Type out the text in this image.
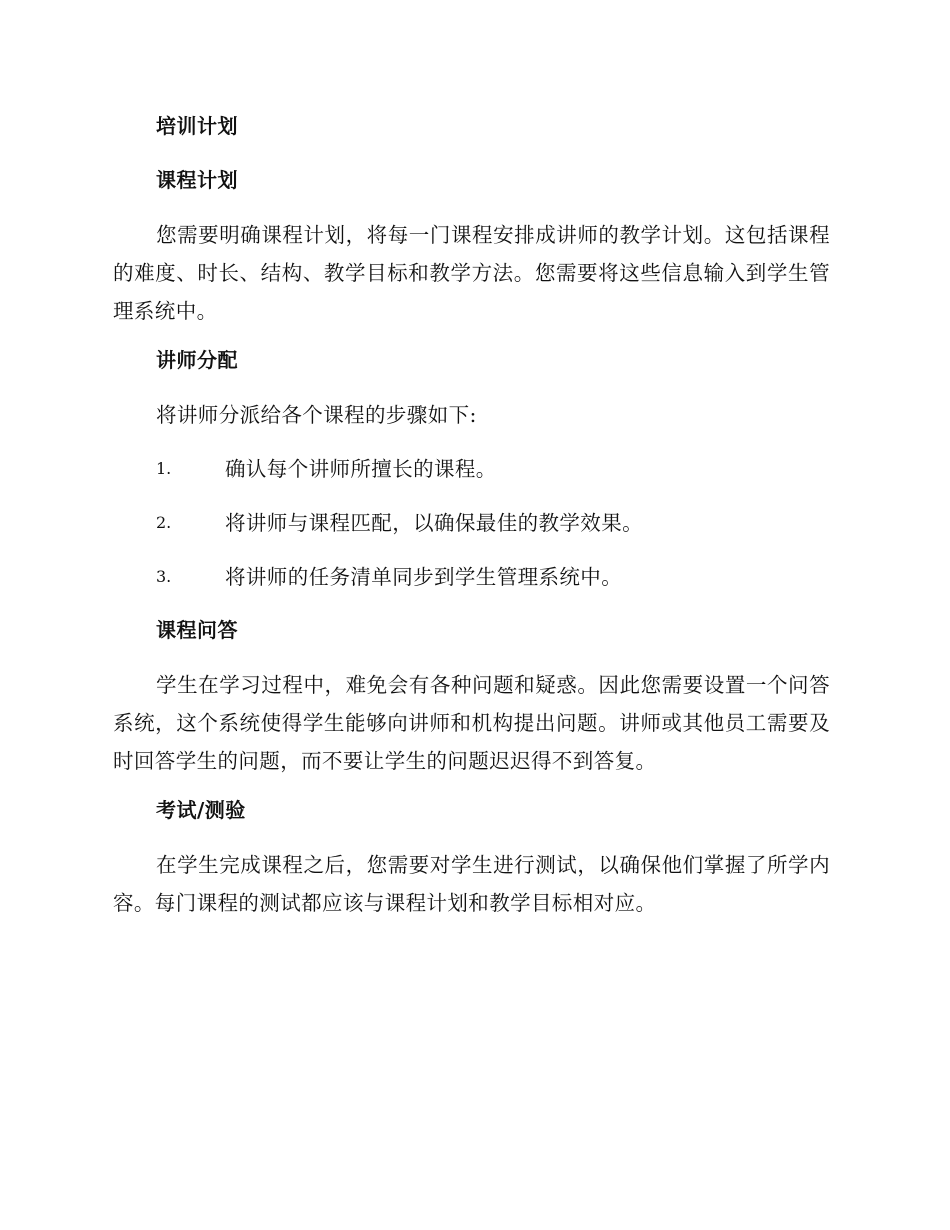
培训计划
课程计划

您需要明确课程计划，将每一门课程安排成讲师的教学计划。这包括课程的难度、时长、结构、教学目标和教学方法。您需要将这些信息输入到学生管理系统中。

讲师分配

将讲师分派给各个课程的步骤如下:

1.	确认每个讲师所擅长的课程。
2.	将讲师与课程匹配，以确保最佳的教学效果。
3.	将讲师的任务清单同步到学生管理系统中。
课程问答

学生在学习过程中，难免会有各种问题和疑惑。因此您需要设置一个问答系统，这个系统使得学生能够向讲师和机构提出问题。讲师或其他员工需要及时回答学生的问题，而不要让学生的问题迟迟得不到答复。

考试/测验

在学生完成课程之后，您需要对学生进行测试，以确保他们掌握了所学内容。每门课程的测试都应该与课程计划和教学目标相对应。
